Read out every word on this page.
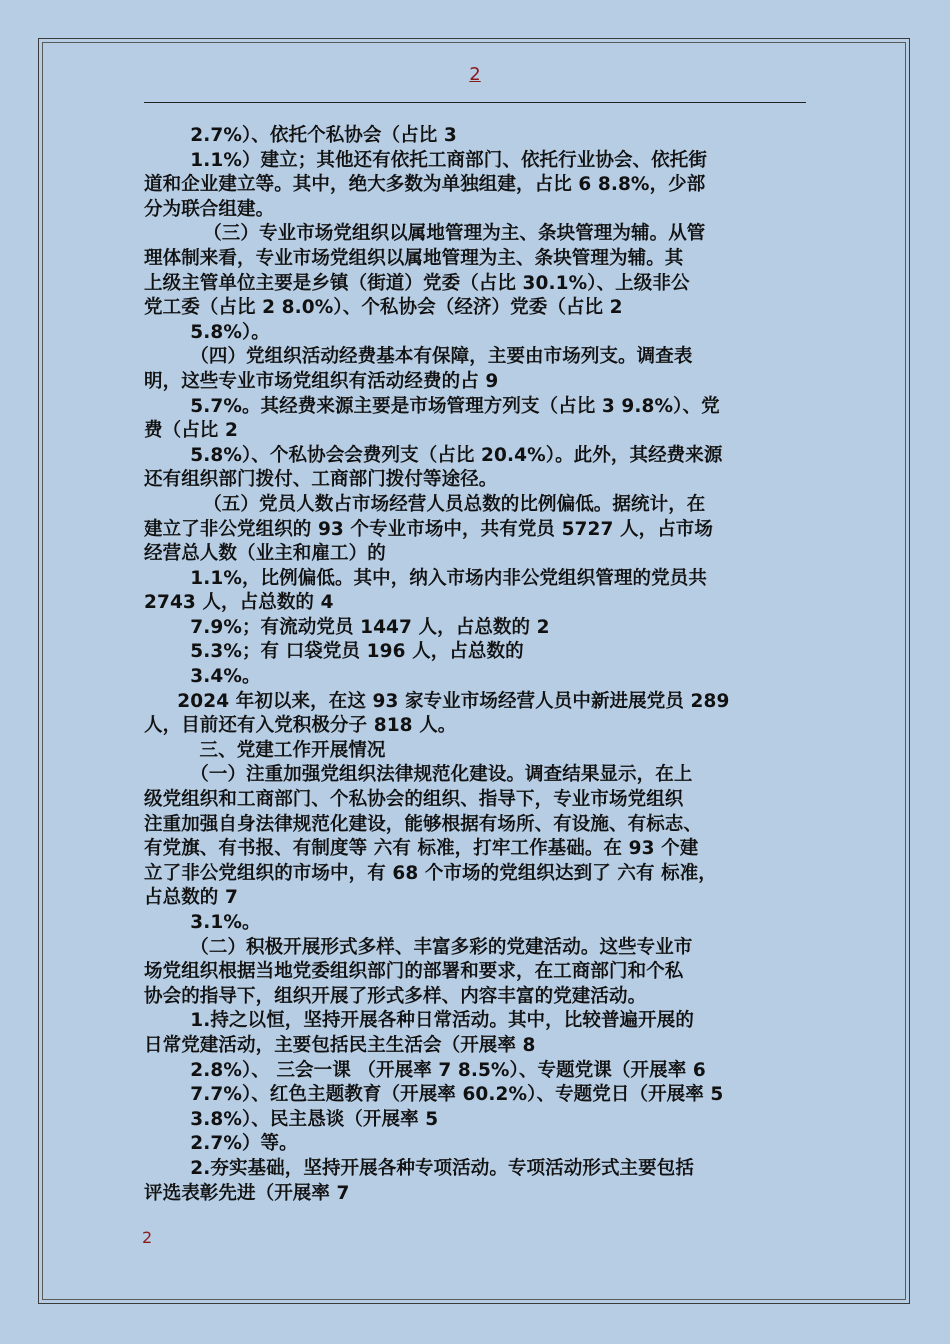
2

2.7%）、依托个私协会（占比 3

1.1%）建立；其他还有依托工商部门、依托行业协会、依托街

道和企业建立等。其中，绝大多数为单独组建，占比 6 8.8%，少部

分为联合组建。

（三）专业市场党组织以属地管理为主、条块管理为辅。从管

理体制来看，专业市场党组织以属地管理为主、条块管理为辅。其

上级主管单位主要是乡镇（街道）党委（占比 30.1%）、上级非公

党工委（占比 2 8.0%）、个私协会（经济）党委（占比 2

5.8%）。

（四）党组织活动经费基本有保障，主要由市场列支。调查表

明，这些专业市场党组织有活动经费的占 9

5.7%。其经费来源主要是市场管理方列支（占比 3 9.8%）、党

费（占比 2

5.8%）、个私协会会费列支（占比 20.4%）。此外，其经费来源

还有组织部门拨付、工商部门拨付等途径。

（五）党员人数占市场经营人员总数的比例偏低。据统计，在

建立了非公党组织的 93 个专业市场中，共有党员 5727 人，占市场

经营总人数（业主和雇工）的

1.1%，比例偏低。其中，纳入市场内非公党组织管理的党员共

2743 人，占总数的 4

7.9%；有流动党员 1447 人，占总数的 2

5.3%；有 口袋党员 196 人，占总数的

3.4%。

2024 年初以来，在这 93 家专业市场经营人员中新进展党员 289

人，目前还有入党积极分子 818 人。

三、党建工作开展情况

（一）注重加强党组织法律规范化建设。调查结果显示，在上

级党组织和工商部门、个私协会的组织、指导下，专业市场党组织

注重加强自身法律规范化建设，能够根据有场所、有设施、有标志、

有党旗、有书报、有制度等 六有 标准，打牢工作基础。在 93 个建

立了非公党组织的市场中，有 68 个市场的党组织达到了 六有 标准，

占总数的 7

3.1%。

（二）积极开展形式多样、丰富多彩的党建活动。这些专业市

场党组织根据当地党委组织部门的部署和要求，在工商部门和个私

协会的指导下，组织开展了形式多样、内容丰富的党建活动。

1.持之以恒，坚持开展各种日常活动。其中，比较普遍开展的

日常党建活动，主要包括民主生活会（开展率 8

2.8%）、 三会一课 （开展率 7 8.5%）、专题党课（开展率 6

7.7%）、红色主题教育（开展率 60.2%）、专题党日（开展率 5

3.8%）、民主恳谈（开展率 5

2.7%）等。

2.夯实基础，坚持开展各种专项活动。专项活动形式主要包括

评选表彰先进（开展率 7

2
